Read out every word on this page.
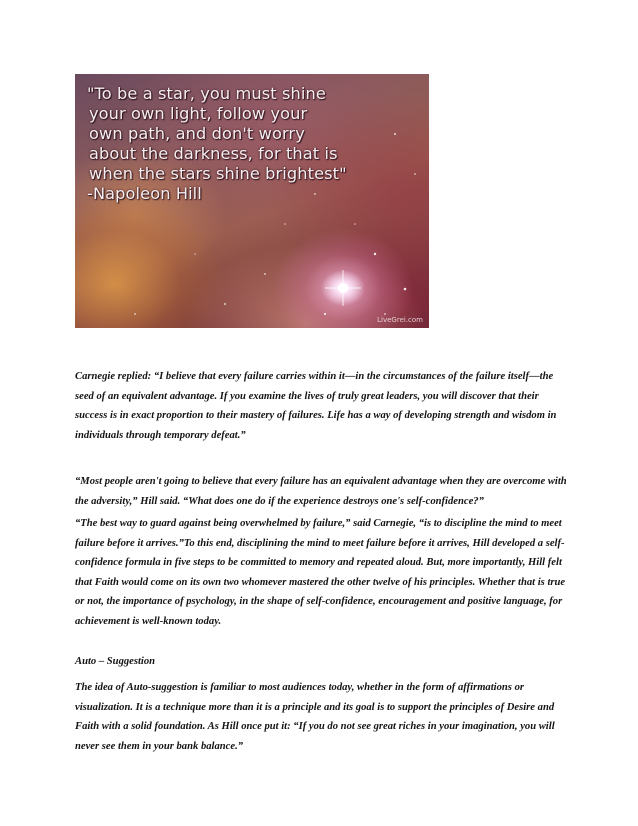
"To be a star, you must shine
your own light, follow your
own path, and don't worry
about the darkness, for that is
when the stars shine brightest"
-Napoleon Hill
LiveGrei.com

Carnegie replied: “I believe that every failure carries within it—in the circumstances of the failure itself—the seed of an equivalent advantage. If you examine the lives of truly great leaders, you will discover that their success is in exact proportion to their mastery of failures. Life has a way of developing strength and wisdom in individuals through temporary defeat.”

“Most people aren't going to believe that every failure has an equivalent advantage when they are overcome with the adversity,” Hill said. “What does one do if the experience destroys one's self-confidence?”

“The best way to guard against being overwhelmed by failure,” said Carnegie, “is to discipline the mind to meet failure before it arrives.”To this end, disciplining the mind to meet failure before it arrives, Hill developed a self-confidence formula in five steps to be committed to memory and repeated aloud. But, more importantly, Hill felt that Faith would come on its own two whomever mastered the other twelve of his principles. Whether that is true or not, the importance of psychology, in the shape of self-confidence, encouragement and positive language, for achievement is well-known today.

Auto – Suggestion

The idea of Auto-suggestion is familiar to most audiences today, whether in the form of affirmations or visualization. It is a technique more than it is a principle and its goal is to support the principles of Desire and Faith with a solid foundation. As Hill once put it: “If you do not see great riches in your imagination, you will never see them in your bank balance.”
